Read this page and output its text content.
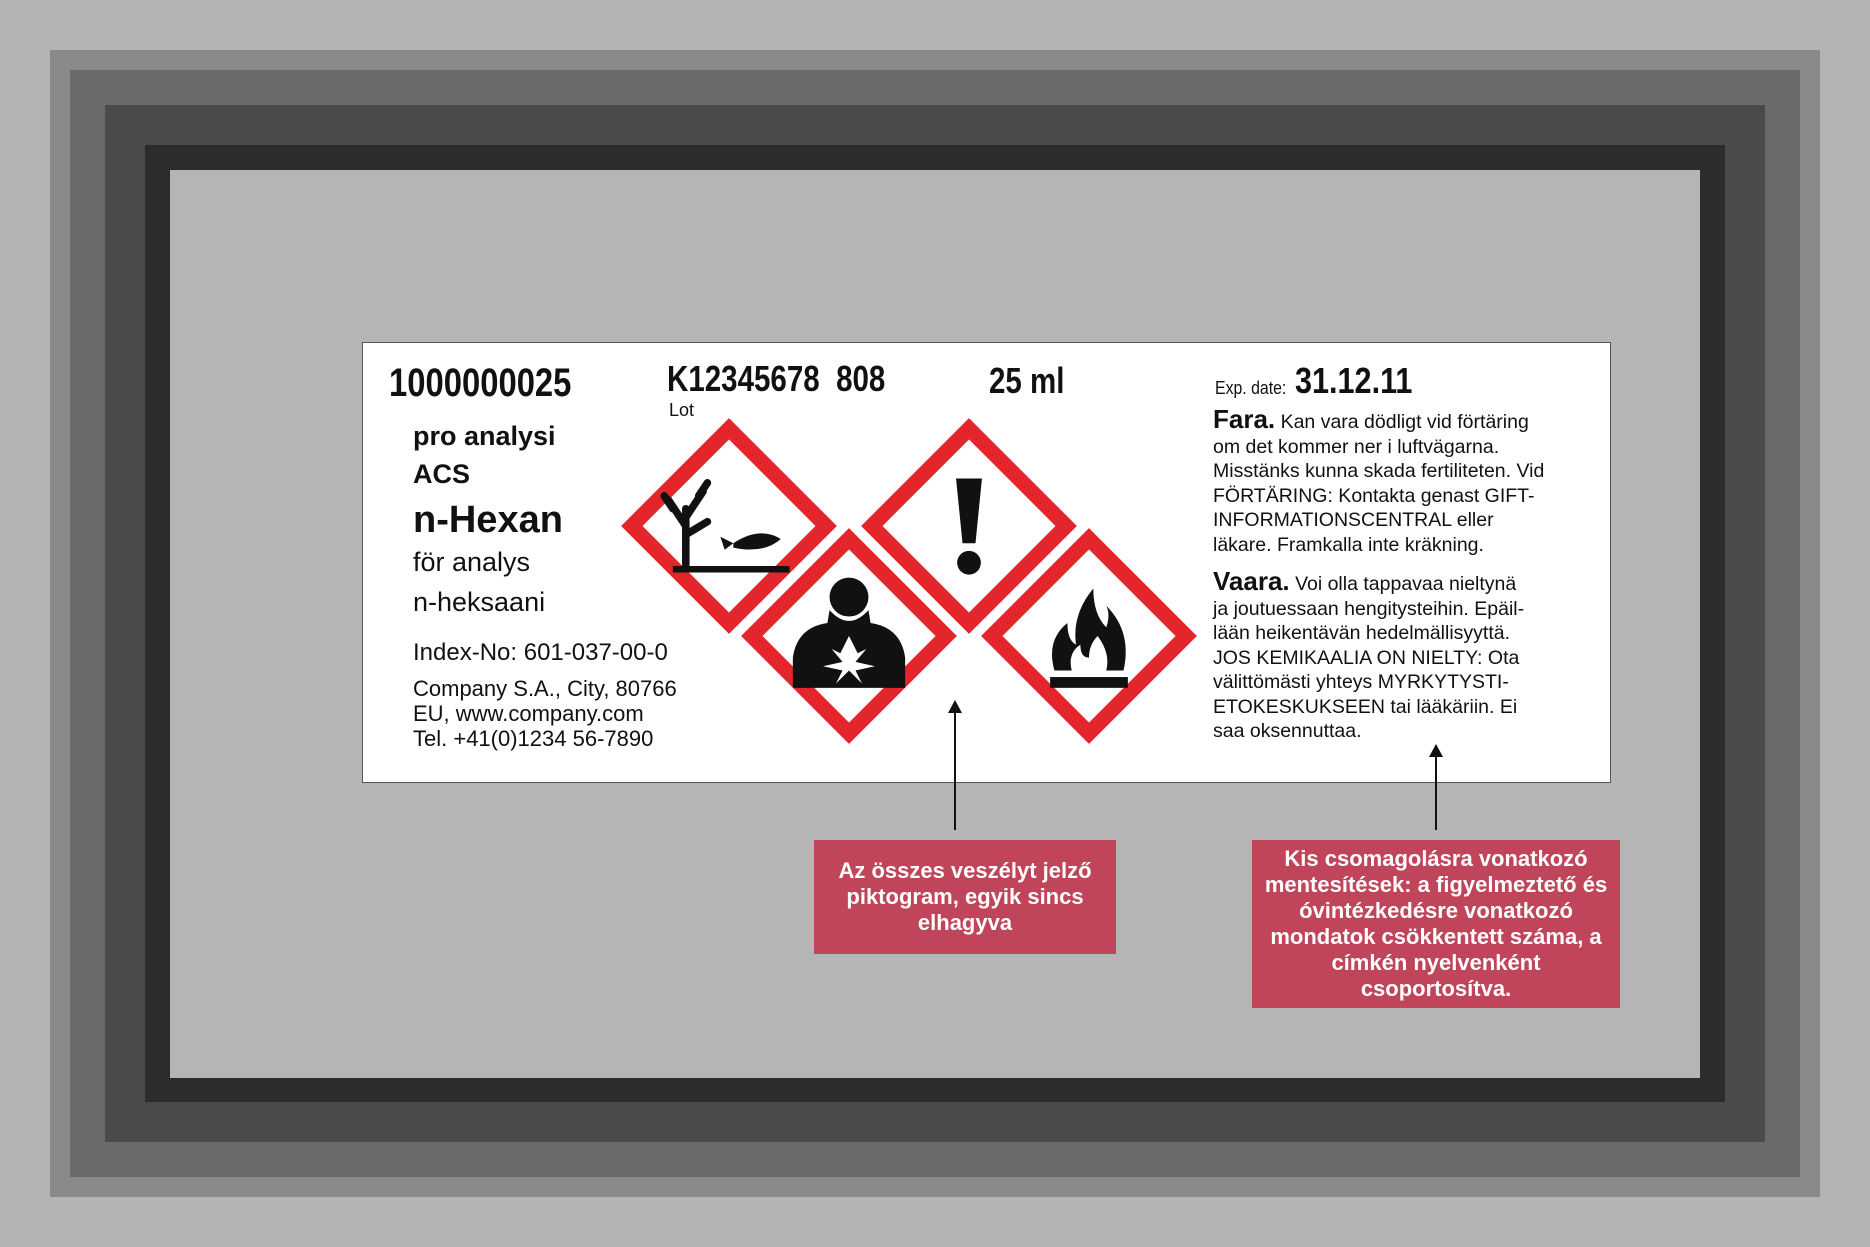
1000000025	K12345678  808
Lot
25 ml	Exp. date: 31.12.11
pro analysi
ACS
n-Hexan
för analys
n-heksaani
Index-No: 601-037-00-0
Company S.A., City, 80766
EU, www.company.com
Tel. +41(0)1234 56-7890
Fara. Kan vara dödligt vid förtäring
om det kommer ner i luftvägarna.
Misstänks kunna skada fertiliteten. Vid
FÖRTÄRING: Kontakta genast GIFT-
INFORMATIONSCENTRAL eller
läkare. Framkalla inte kräkning.
Vaara. Voi olla tappavaa nieltynä
ja joutuessaan hengitysteihin. Epäil-
lään heikentävän hedelmällisyyttä.
JOS KEMIKAALIA ON NIELTY: Ota
välittömästi yhteys MYRKYTYSTI-
ETOKESKUKSEEN tai lääkäriin. Ei
saa oksennuttaa.
Az összes veszélyt jelző piktogram, egyik sincs elhagyva
Kis csomagolásra vonatkozó mentesítések: a figyelmeztető és óvintézkedésre vonatkozó mondatok csökkentett száma, a címkén nyelvenként csoportosítva.
